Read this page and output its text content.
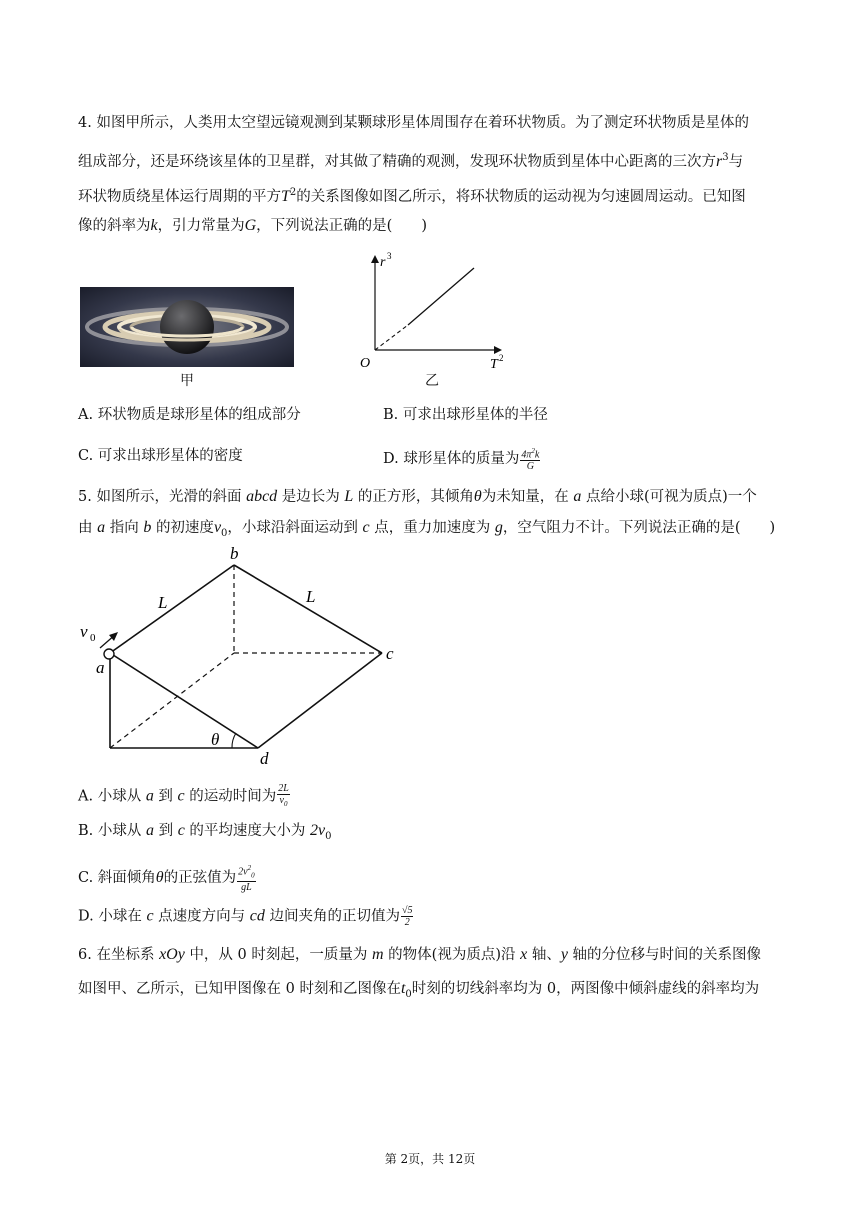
4. 如图甲所示，人类用太空望远镜观测到某颗球形星体周围存在着环状物质。为了测定环状物质是星体的
组成部分，还是环绕该星体的卫星群，对其做了精确的观测，发现环状物质到星体中心距离的三次方$r^3$与
环状物质绕星体运行周期的平方$T^2$的关系图像如图乙所示，将环状物质的运动视为匀速圆周运动。已知图
像的斜率为k，引力常量为G，下列说法正确的是(　　)
甲
r 3
O	T 2
乙
A. 环状物质是球形星体的组成部分	B. 可求出球形星体的半径
C. 可求出球形星体的密度	D. 球形星体的质量为 $\frac{4\pi^2k}{G}$
5. 如图所示，光滑的斜面 abcd 是边长为 L 的正方形，其倾角θ为未知量，在 a 点给小球(可视为质点)一个
由 a 指向 b 的初速度$v_0$，小球沿斜面运动到 c 点，重力加速度为 g，空气阻力不计。下列说法正确的是(　　)
b
c
d
a
L	L
θ
v 0
A. 小球从 a 到 c 的运动时间为 $\frac{2L}{v_0}$
B. 小球从 a 到 c 的平均速度大小为 $2v_0$
C. 斜面倾角θ的正弦值为 $\frac{2v^2_0}{gL}$
D. 小球在 c 点速度方向与 cd 边间夹角的正切值为 $\frac{√5}{2}$
6. 在坐标系 xOy 中，从 0 时刻起，一质量为 m 的物体(视为质点)沿 x 轴、y 轴的分位移与时间的关系图像
如图甲、乙所示，已知甲图像在 0 时刻和乙图像在$t_0$时刻的切线斜率均为 0，两图像中倾斜虚线的斜率均为
第 2页，共 12页
